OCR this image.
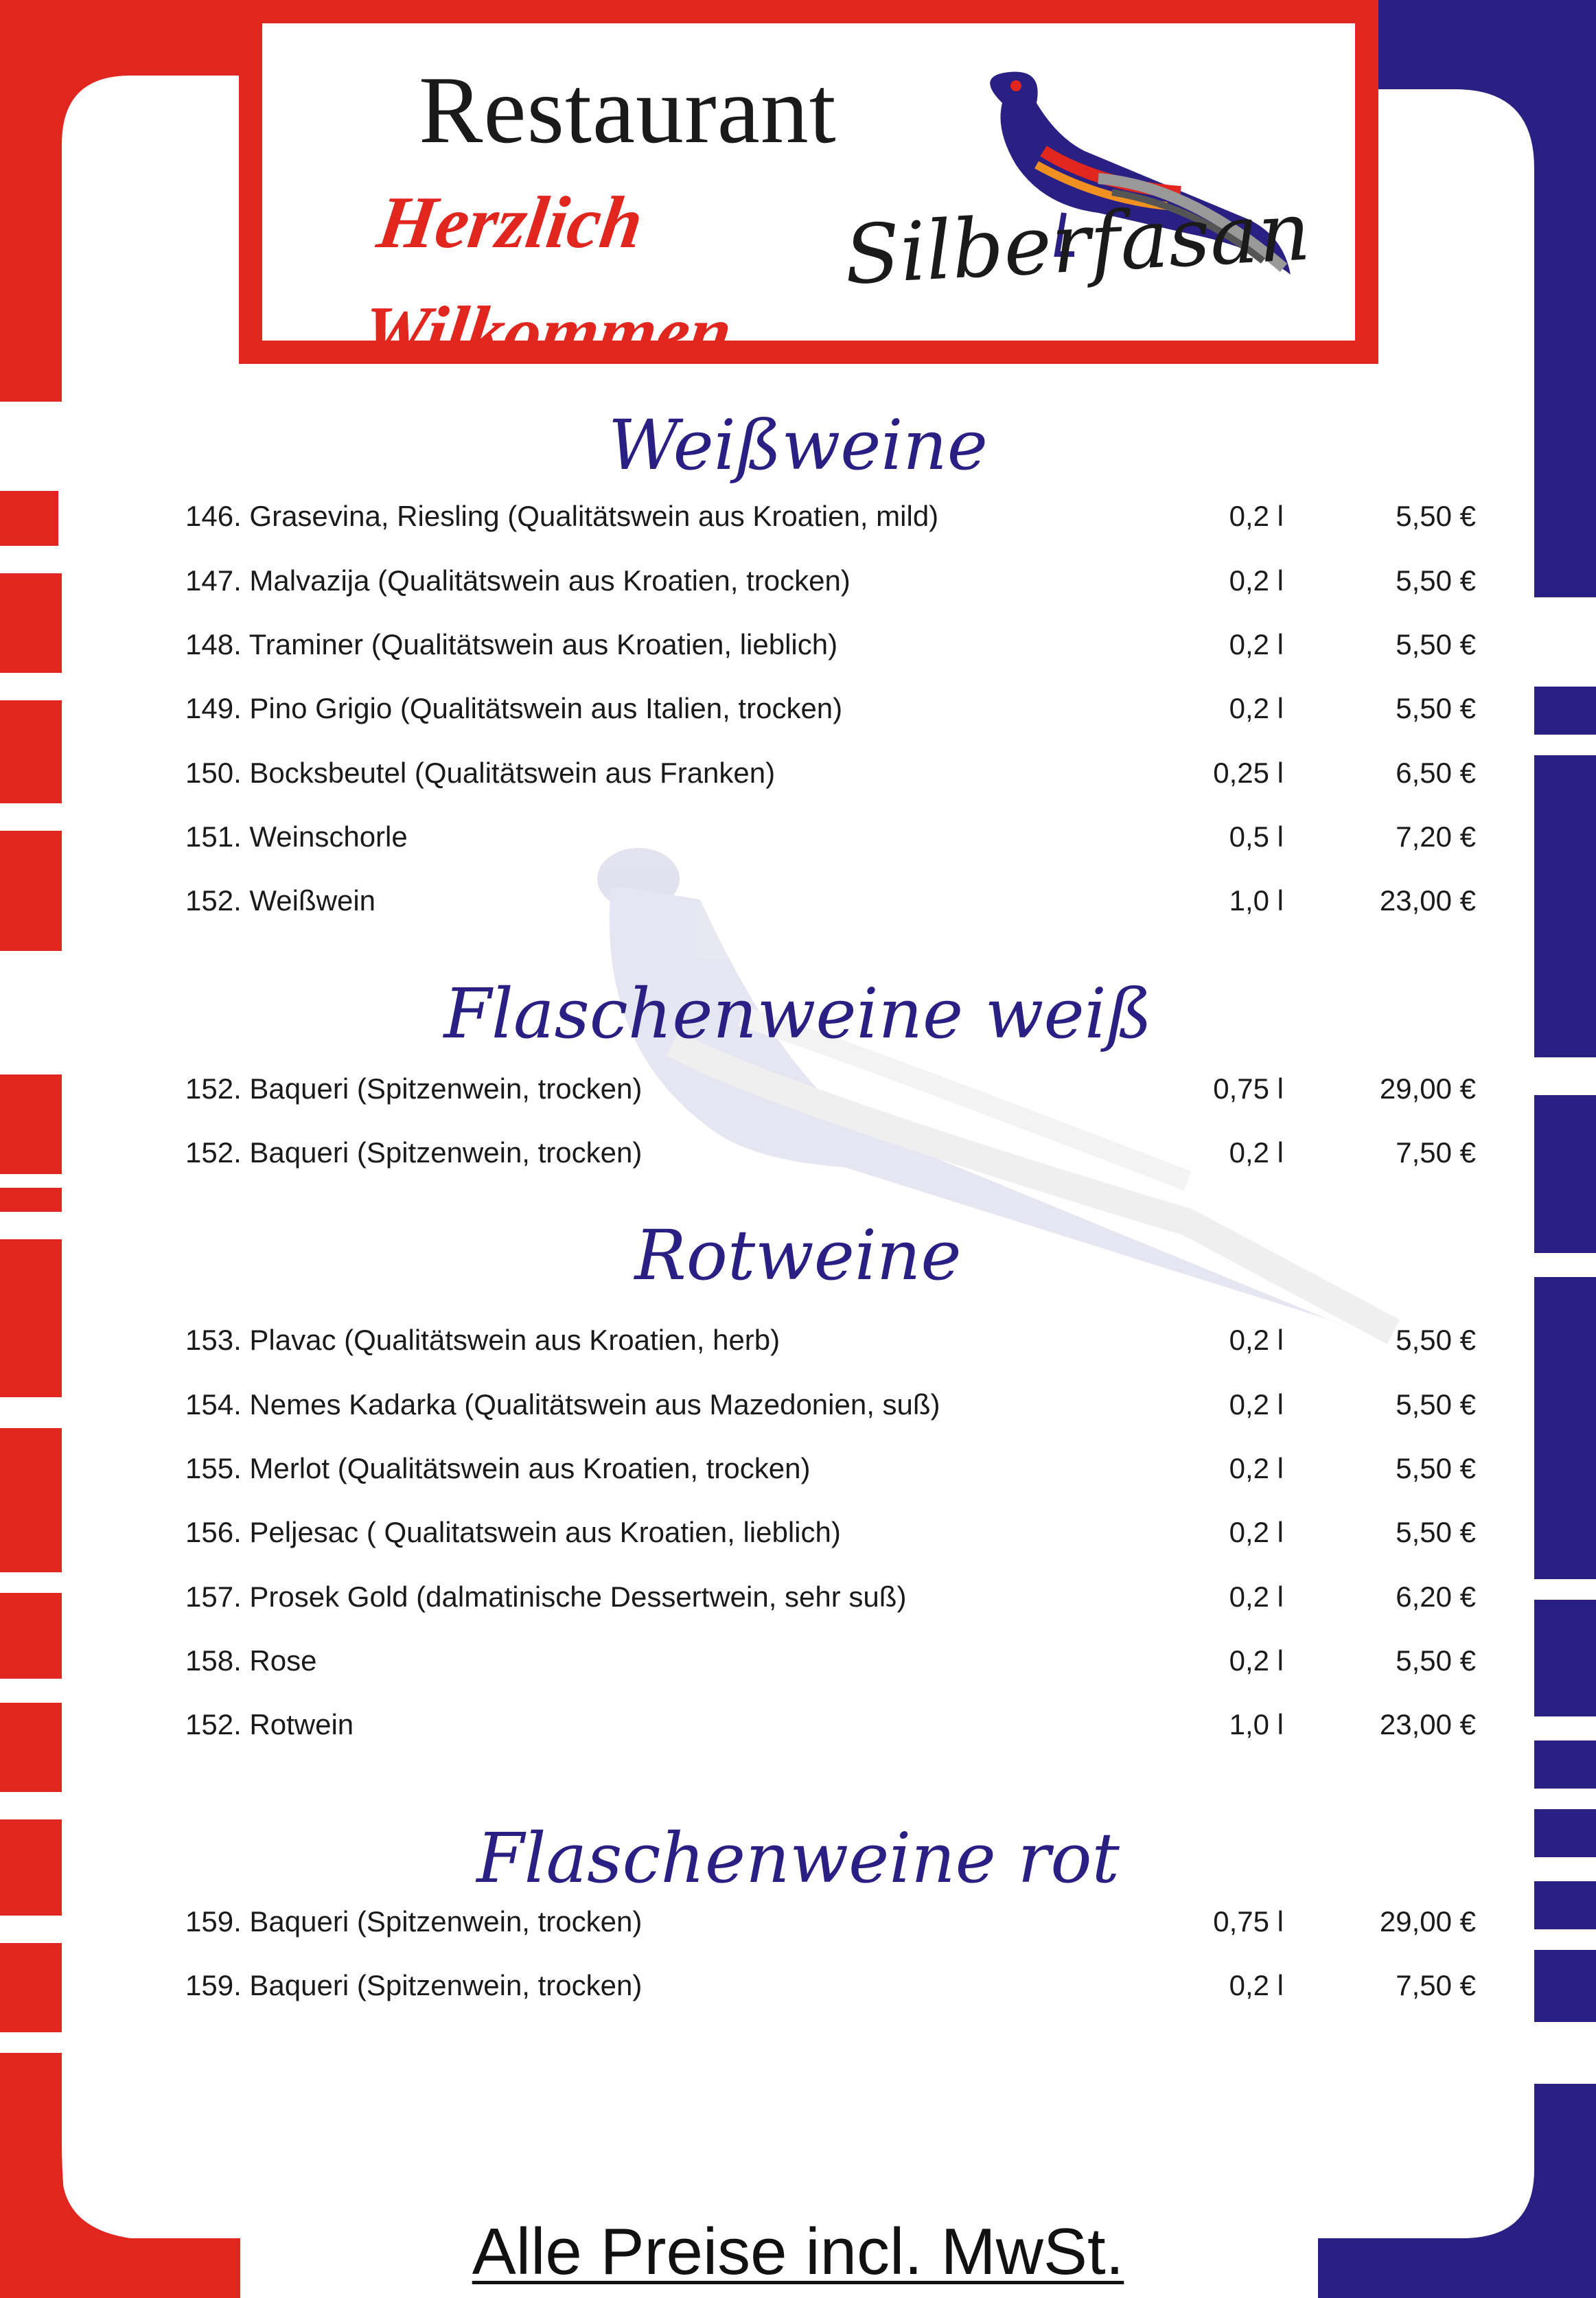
Restaurant
Herzlich
Wilkommen
Silberfasan
Weißweine
146. Grasevina, Riesling (Qualitätswein aus Kroatien, mild)	0,2 l	5,50 €
147. Malvazija (Qualitätswein aus Kroatien, trocken)	0,2 l	5,50 €
148. Traminer (Qualitätswein aus Kroatien, lieblich)	0,2 l	5,50 €
149. Pino Grigio (Qualitätswein aus Italien, trocken)	0,2 l	5,50 €
150. Bocksbeutel (Qualitätswein aus Franken)	0,25 l	6,50 €
151. Weinschorle	0,5 l	7,20 €
152. Weißwein	1,0 l	23,00 €
Flaschenweine weiß
152. Baqueri (Spitzenwein, trocken)	0,75 l	29,00 €
152. Baqueri (Spitzenwein, trocken)	0,2 l	7,50 €
Rotweine
153. Plavac (Qualitätswein aus Kroatien, herb)	0,2 l	5,50 €
154. Nemes Kadarka (Qualitätswein aus Mazedonien, suß)	0,2 l	5,50 €
155. Merlot (Qualitätswein aus Kroatien, trocken)	0,2 l	5,50 €
156. Peljesac ( Qualitatswein aus Kroatien, lieblich)	0,2 l	5,50 €
157. Prosek Gold (dalmatinische Dessertwein, sehr suß)	0,2 l	6,20 €
158. Rose	0,2 l	5,50 €
152. Rotwein	1,0 l	23,00 €
Flaschenweine rot
159. Baqueri (Spitzenwein, trocken)	0,75 l	29,00 €
159. Baqueri (Spitzenwein, trocken)	0,2 l	7,50 €
Alle Preise incl. MwSt.
